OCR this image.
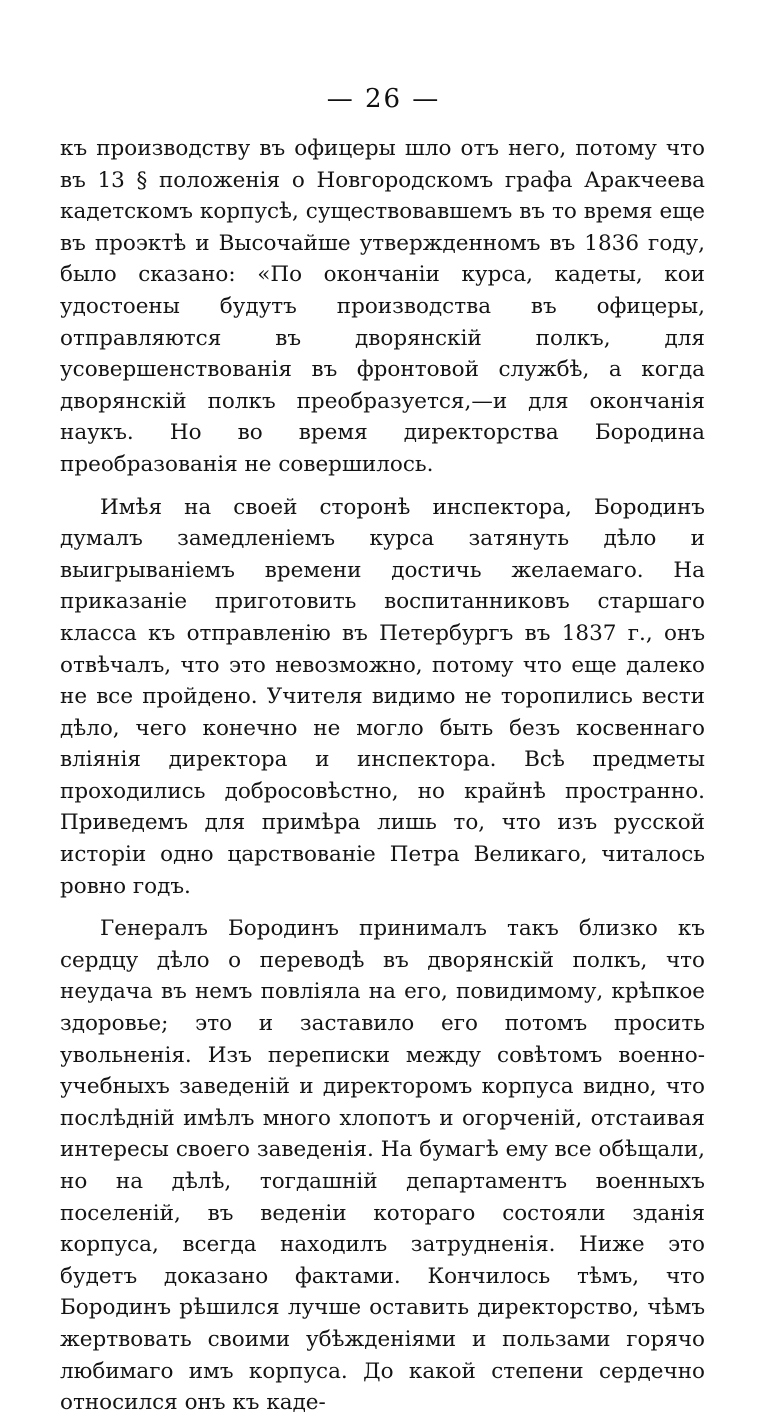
— 26 —

къ производству въ офицеры шло отъ него, потому что въ 13 § положенія о Новгородскомъ графа Аракчеева кадетскомъ корпусѣ, существовавшемъ въ то время еще въ проэктѣ и Высочайше утвержденномъ въ 1836 году, было сказано: «По окончаніи курса, кадеты, кои удостоены будутъ производства въ офицеры, отправляются въ дворянскій полкъ, для усовершенствованія въ фронтовой службѣ, а когда дворянскій полкъ преобразуется,—и для окончанія наукъ. Но во время директорства Бородина преобразованія не совершилось.

Имѣя на своей сторонѣ инспектора, Бородинъ думалъ замедленіемъ курса затянуть дѣло и выигрываніемъ времени достичь желаемаго. На приказаніе приготовить воспитанниковъ старшаго класса къ отправленію въ Петербургъ въ 1837 г., онъ отвѣчалъ, что это невозможно, потому что еще далеко не все пройдено. Учителя видимо не торопились вести дѣло, чего конечно не могло быть безъ косвеннаго вліянія директора и инспектора. Всѣ предметы проходились добросовѣстно, но крайнѣ пространно. Приведемъ для примѣра лишь то, что изъ русской исторіи одно царствованіе Петра Великаго, читалось ровно годъ.

Генералъ Бородинъ принималъ такъ близко къ сердцу дѣло о переводѣ въ дворянскій полкъ, что неудача въ немъ повліяла на его, повидимому, крѣпкое здоровье; это и заставило его потомъ просить увольненія. Изъ переписки между совѣтомъ военно-учебныхъ заведеній и директоромъ корпуса видно, что послѣдній имѣлъ много хлопотъ и огорченій, отстаивая интересы своего заведенія. На бумагѣ ему все обѣщали, но на дѣлѣ, тогдашній департаментъ военныхъ поселеній, въ веденіи котораго состояли зданія корпуса, всегда находилъ затрудненія. Ниже это будетъ доказано фактами. Кончилось тѣмъ, что Бородинъ рѣшился лучше оставить директорство, чѣмъ жертвовать своими убѣжденіями и пользами горячо любимаго имъ корпуса. До какой степени сердечно относился онъ къ каде-
